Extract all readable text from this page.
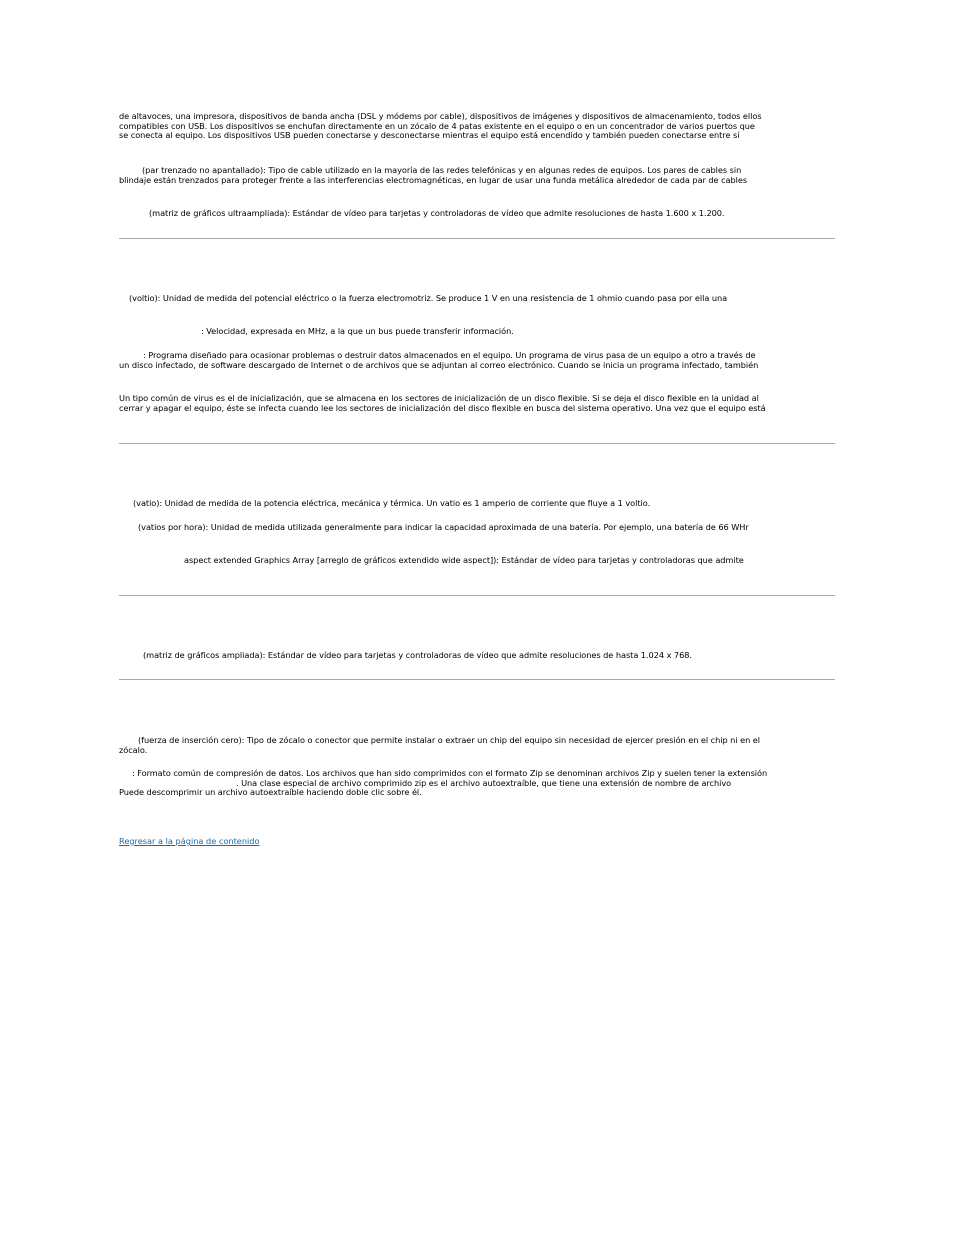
de altavoces, una impresora, dispositivos de banda ancha (DSL y módems por cable), dispositivos de imágenes y dispositivos de almacenamiento, todos ellos

compatibles con USB. Los dispositivos se enchufan directamente en un zócalo de 4 patas existente en el equipo o en un concentrador de varios puertos que

se conecta al equipo. Los dispositivos USB pueden conectarse y desconectarse mientras el equipo está encendido y también pueden conectarse entre sí

(par trenzado no apantallado): Tipo de cable utilizado en la mayoría de las redes telefónicas y en algunas redes de equipos. Los pares de cables sin

blindaje están trenzados para proteger frente a las interferencias electromagnéticas, en lugar de usar una funda metálica alrededor de cada par de cables

(matriz de gráficos ultraampliada): Estándar de vídeo para tarjetas y controladoras de vídeo que admite resoluciones de hasta 1.600 x 1.200.

(voltio): Unidad de medida del potencial eléctrico o la fuerza electromotriz. Se produce 1 V en una resistencia de 1 ohmio cuando pasa por ella una

: Velocidad, expresada en MHz, a la que un bus puede transferir información.

: Programa diseñado para ocasionar problemas o destruir datos almacenados en el equipo. Un programa de virus pasa de un equipo a otro a través de

un disco infectado, de software descargado de Internet o de archivos que se adjuntan al correo electrónico. Cuando se inicia un programa infectado, también

Un tipo común de virus es el de inicialización, que se almacena en los sectores de inicialización de un disco flexible. Si se deja el disco flexible en la unidad al

cerrar y apagar el equipo, éste se infecta cuando lee los sectores de inicialización del disco flexible en busca del sistema operativo. Una vez que el equipo está

(vatio): Unidad de medida de la potencia eléctrica, mecánica y térmica. Un vatio es 1 amperio de corriente que fluye a 1 voltio.

(vatios por hora): Unidad de medida utilizada generalmente para indicar la capacidad aproximada de una batería. Por ejemplo, una batería de 66 WHr

aspect extended Graphics Array [arreglo de gráficos extendido wide aspect]): Estándar de vídeo para tarjetas y controladoras que admite

(matriz de gráficos ampliada): Estándar de vídeo para tarjetas y controladoras de vídeo que admite resoluciones de hasta 1.024 x 768.

(fuerza de inserción cero): Tipo de zócalo o conector que permite instalar o extraer un chip del equipo sin necesidad de ejercer presión en el chip ni en el

zócalo.

: Formato común de compresión de datos. Los archivos que han sido comprimidos con el formato Zip se denominan archivos Zip y suelen tener la extensión

. Una clase especial de archivo comprimido zip es el archivo autoextraíble, que tiene una extensión de nombre de archivo

Puede descomprimir un archivo autoextraíble haciendo doble clic sobre él.

Regresar a la página de contenido
